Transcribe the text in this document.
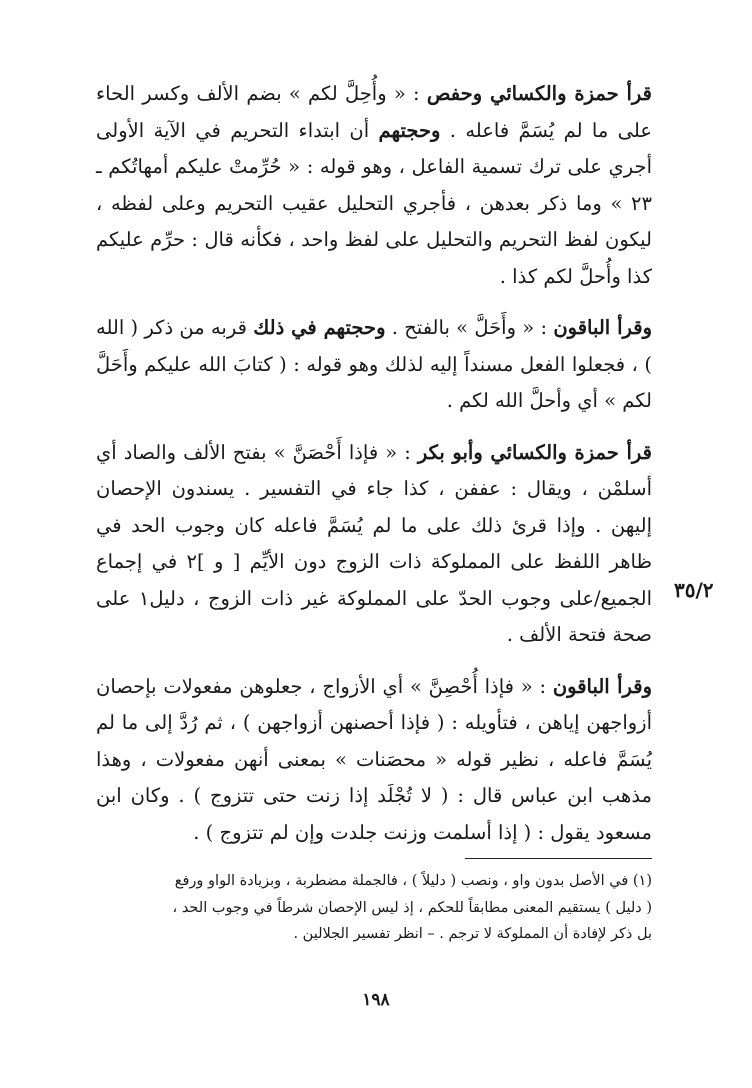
قرأ حمزة والكسائي وحفص : « وأُحِلَّ لكم » بضم الألف وكسر الحاء على ما لم يُسَمَّ فاعله . وحجتهم أن ابتداء التحريم في الآية الأولى أجري على ترك تسمية الفاعل ، وهو قوله : « حُرِّمتْ عليكم أمهاتُكم ـ ٢٣ » وما ذكر بعدهن ، فأجري التحليل عقيب التحريم وعلى لفظه ، ليكون لفظ التحريم والتحليل على لفظ واحد ، فكأنه قال : حرِّم عليكم كذا وأُحلَّ لكم كذا .

وقرأ الباقون : « وأَحَلَّ » بالفتح . وحجتهم في ذلك قربه من ذكر ( الله ) ، فجعلوا الفعل مسنداً إليه لذلك وهو قوله : ( كتابَ الله عليكم وأَحَلَّ لكم » أي وأحلَّ الله لكم .

قرأ حمزة والكسائي وأبو بكر : « فإذا أَحْصَنَّ » بفتح الألف والصاد أي أسلمْن ، ويقال : عففن ، كذا جاء في التفسير . يسندون الإحصان إليهن . وإذا قرئ ذلك على ما لم يُسَمَّ فاعله كان وجوب الحد في ظاهر اللفظ على المملوكة ذات الزوج دون الأيِّم [ و ]٢ في إجماع الجميع/على وجوب الحدّ على المملوكة غير ذات الزوج ، دليل١ على صحة فتحة الألف .

وقرأ الباقون : « فإذا أُحْصِنَّ » أي الأزواج ، جعلوهن مفعولات بإحصان أزواجهن إياهن ، فتأويله : ( فإذا أحصنهن أزواجهن ) ، ثم رُدَّ إلى ما لم يُسَمَّ فاعله ، نظير قوله « محصَنات » بمعنى أنهن مفعولات ، وهذا مذهب ابن عباس قال : ( لا تُجْلَد إذا زنت حتى تتزوج ) . وكان ابن مسعود يقول : ( إذا أسلمت وزنت جلدت وإن لم تتزوج ) .

٣٥/٢

(١) في الأصل بدون واو ، ونصب ( دليلاً ) ، فالجملة مضطربة ، وبزيادة الواو ورفع

( دليل ) يستقيم المعنى مطابقاً للحكم ، إذ ليس الإحصان شرطاً في وجوب الحد ،

بل ذكر لإفادة أن المملوكة لا ترجم . – انظر تفسير الجلالين .

١٩٨
